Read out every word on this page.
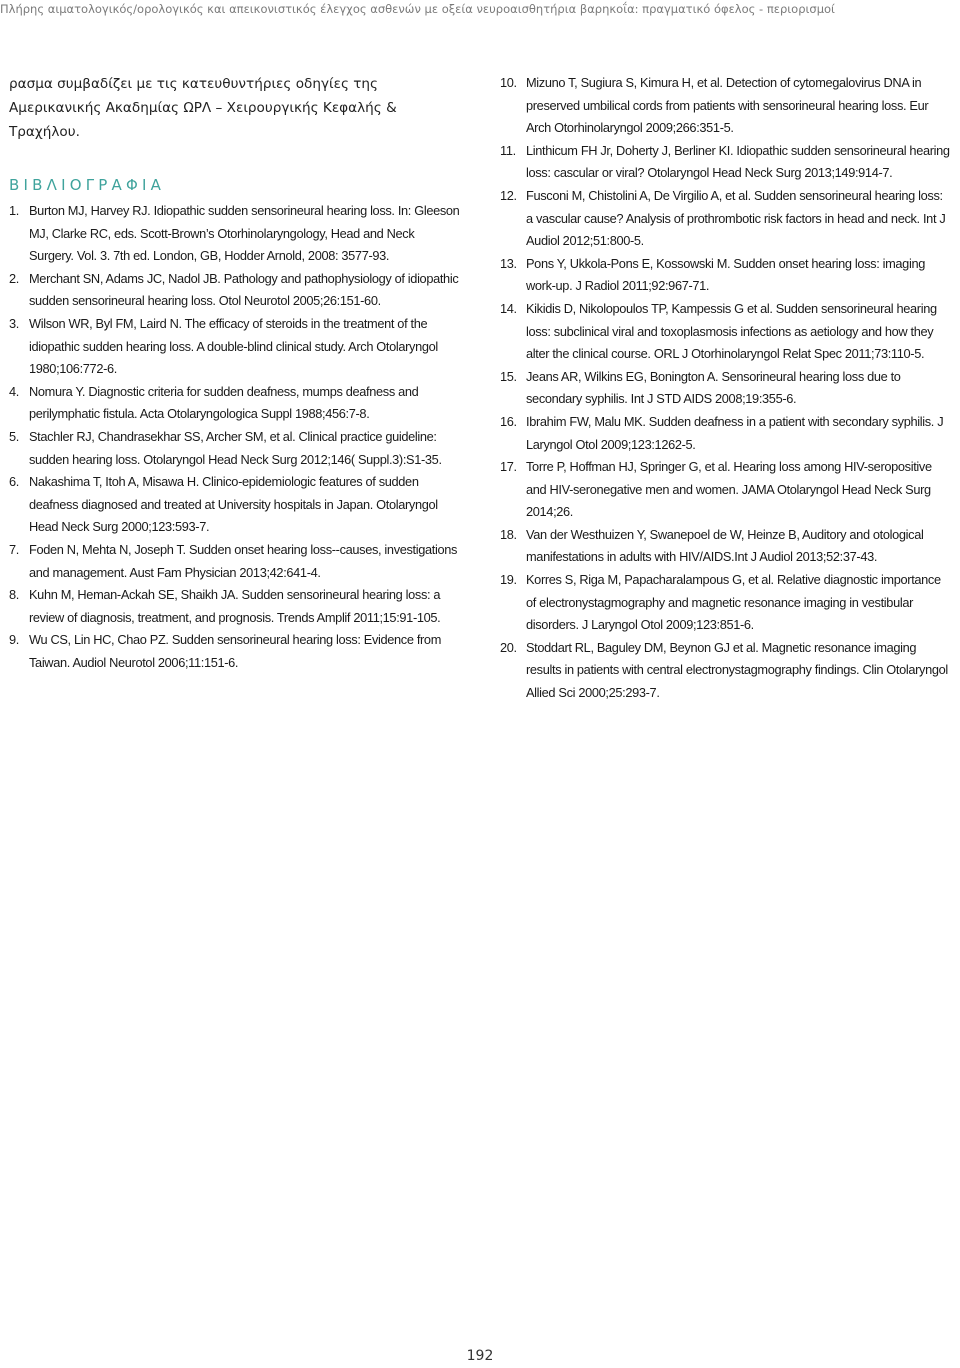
Πλήρης αιματολογικός/ορολογικός και απεικονιστικός έλεγχος ασθενών με οξεία νευροαισθητήρια βαρηκοΐα: πραγματικό όφελος - περιορισμοί

ρασμα συμβαδίζει με τις κατευθυντήριες οδηγίες της Αμερικανικής Ακαδημίας ΩΡΛ – Χειρουργικής Κεφαλής & Τραχήλου.

ΒΙΒΛΙΟΓΡΑΦΙΑ
1. Burton MJ, Harvey RJ. Idiopathic sudden sensorineural hearing loss. In: Gleeson MJ, Clarke RC, eds. Scott-Brown’s Otorhinolaryngology, Head and Neck Surgery. Vol. 3. 7th ed. London, GB, Hodder Arnold, 2008: 3577-93.
2. Merchant SN, Adams JC, Nadol JB. Pathology and pathophysiology of idiopathic sudden sensorineural hearing loss. Otol Neurotol 2005;26:151-60.
3. Wilson WR, Byl FM, Laird N. The efficacy of steroids in the treatment of the idiopathic sudden hearing loss. A double-blind clinical study. Arch Otolaryngol 1980;106:772-6.
4. Nomura Y. Diagnostic criteria for sudden deafness, mumps deafness and perilymphatic fistula. Acta Otolaryngologica Suppl 1988;456:7-8.
5. Stachler RJ, Chandrasekhar SS, Archer SM, et al. Clinical practice guideline: sudden hearing loss. Otolaryngol Head Neck Surg 2012;146( Suppl.3):S1-35.
6. Nakashima T, Itoh A, Misawa H. Clinico-epidemiologic features of sudden deafness diagnosed and treated at University hospitals in Japan. Otolaryngol Head Neck Surg 2000;123:593-7.
7. Foden N, Mehta N, Joseph T. Sudden onset hearing loss--causes, investigations and management. Aust Fam Physician 2013;42:641-4.
8. Kuhn M, Heman-Ackah SE, Shaikh JA. Sudden sensorineural hearing loss: a review of diagnosis, treatment, and prognosis. Trends Amplif 2011;15:91-105.
9. Wu CS, Lin HC, Chao PZ. Sudden sensorineural hearing loss: Evidence from Taiwan. Audiol Neurotol 2006;11:151-6.
10. Mizuno T, Sugiura S, Kimura H, et al. Detection of cytomegalovirus DNA in preserved umbilical cords from patients with sensorineural hearing loss. Eur Arch Otorhinolaryngol 2009;266:351-5.
11. Linthicum FH Jr, Doherty J, Berliner KI. Idiopathic sudden sensorineural hearing loss: cascular or viral? Otolaryngol Head Neck Surg 2013;149:914-7.
12. Fusconi M, Chistolini A, De Virgilio A, et al. Sudden sensorineural hearing loss: a vascular cause? Analysis of prothrombotic risk factors in head and neck. Int J Audiol 2012;51:800-5.
13. Pons Y, Ukkola-Pons E, Kossowski M. Sudden onset hearing loss: imaging work-up. J Radiol 2011;92:967-71.
14. Kikidis D, Nikolopoulos TP, Kampessis G et al. Sudden sensorineural hearing loss: subclinical viral and toxoplasmosis infections as aetiology and how they alter the clinical course. ORL J Otorhinolaryngol Relat Spec 2011;73:110-5.
15. Jeans AR, Wilkins EG, Bonington A. Sensorineural hearing loss due to secondary syphilis. Int J STD AIDS 2008;19:355-6.
16. Ibrahim FW, Malu MK. Sudden deafness in a patient with secondary syphilis. J Laryngol Otol 2009;123:1262-5.
17. Torre P, Hoffman HJ, Springer G, et al. Hearing loss among HIV-seropositive and HIV-seronegative men and women. JAMA Otolaryngol Head Neck Surg 2014;26.
18. Van der Westhuizen Y, Swanepoel de W, Heinze B, Auditory and otological manifestations in adults with HIV/AIDS.Int J Audiol 2013;52:37-43.
19. Korres S, Riga M, Papacharalampous G, et al. Relative diagnostic importance of electronystagmography and magnetic resonance imaging in vestibular disorders. J Laryngol Otol 2009;123:851-6.
20. Stoddart RL, Baguley DM, Beynon GJ et al. Magnetic resonance imaging results in patients with central electronystagmography findings. Clin Otolaryngol Allied Sci 2000;25:293-7.
192
